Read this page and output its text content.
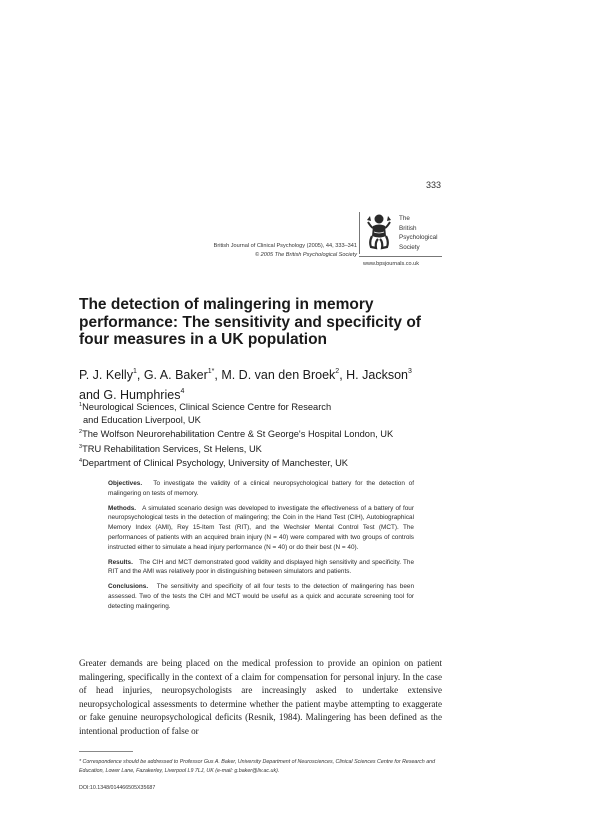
333
British Journal of Clinical Psychology (2005), 44, 333–341
© 2005 The British Psychological Society
The
British
Psychological
Society
www.bpsjournals.co.uk
The detection of malingering in memory performance: The sensitivity and specificity of four measures in a UK population
P. J. Kelly$^1$, G. A. Baker$^{1*}$, M. D. van den Broek$^2$, H. Jackson$^3$
and G. Humphries$^4$
$^1$Neurological Sciences, Clinical Science Centre for Research
and Education Liverpool, UK
$^2$The Wolfson Neurorehabilitation Centre & St George's Hospital London, UK
$^3$TRU Rehabilitation Services, St Helens, UK
$^4$Department of Clinical Psychology, University of Manchester, UK

Objectives. To investigate the validity of a clinical neuropsychological battery for the detection of malingering on tests of memory.

Methods. A simulated scenario design was developed to investigate the effectiveness of a battery of four neuropsychological tests in the detection of malingering; the Coin in the Hand Test (CIH), Autobiographical Memory Index (AMI), Rey 15-Item Test (RIT), and the Wechsler Mental Control Test (MCT). The performances of patients with an acquired brain injury (N = 40) were compared with two groups of controls instructed either to simulate a head injury performance (N = 40) or do their best (N = 40).

Results. The CIH and MCT demonstrated good validity and displayed high sensitivity and specificity. The RIT and the AMI was relatively poor in distinguishing between simulators and patients.

Conclusions. The sensitivity and specificity of all four tests to the detection of malingering has been assessed. Two of the tests the CIH and MCT would be useful as a quick and accurate screening tool for detecting malingering.

Greater demands are being placed on the medical profession to provide an opinion on patient malingering, specifically in the context of a claim for compensation for personal injury. In the case of head injuries, neuropsychologists are increasingly asked to undertake extensive neuropsychological assessments to determine whether the patient maybe attempting to exaggerate or fake genuine neuropsychological deficits (Resnik, 1984). Malingering has been defined as the intentional production of false or
* Correspondence should be addressed to Professor Gus A. Baker, University Department of Neurosciences, Clinical Sciences Centre for Research and Education, Lower Lane, Fazakerley, Liverpool L9 7LJ, UK (e-mail: g.baker@liv.ac.uk).
DOI:10.1348/014466505X35687
